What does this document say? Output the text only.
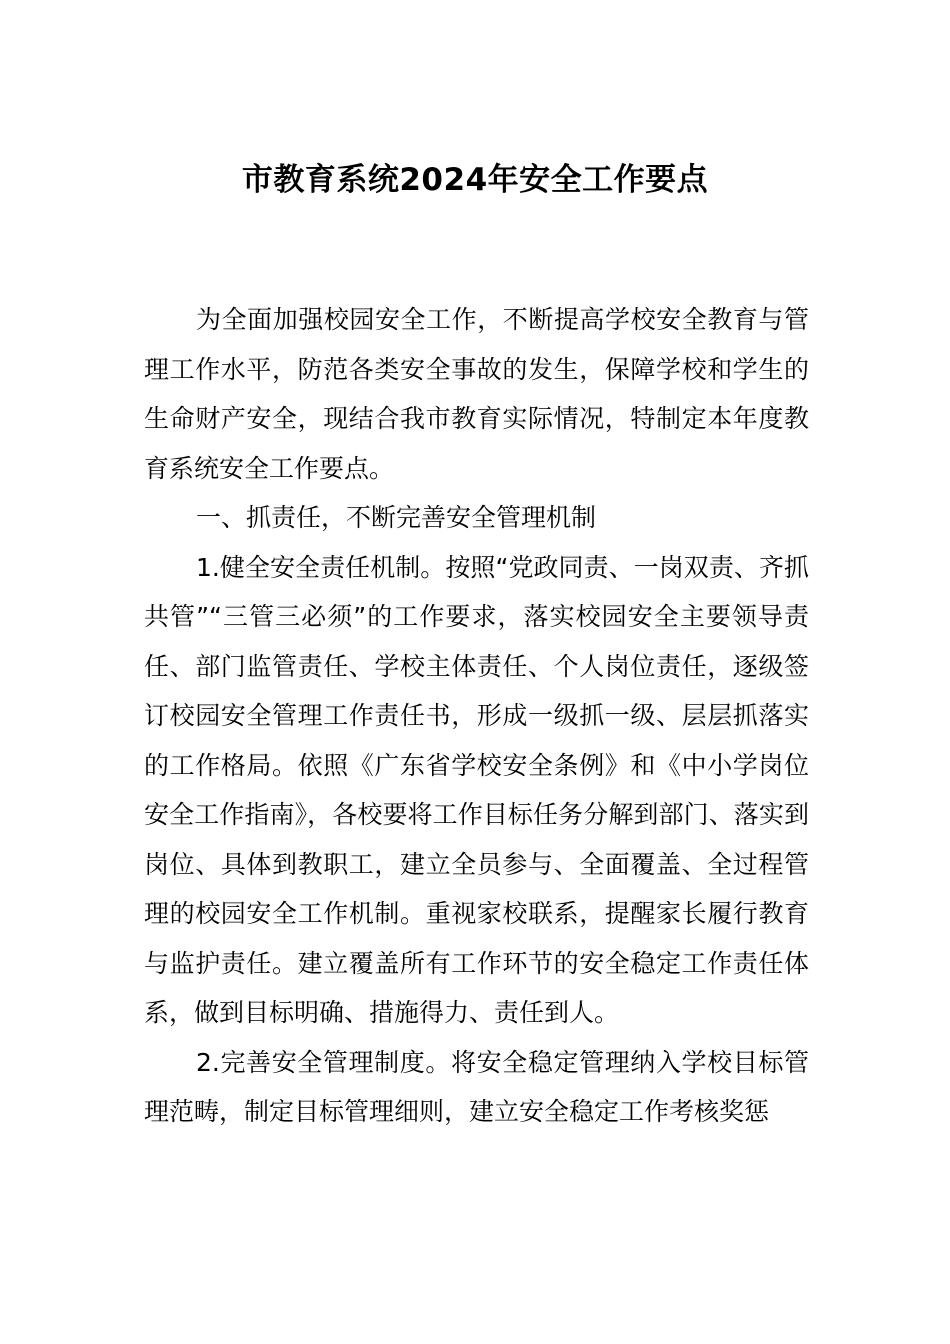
市教育系统2024年安全工作要点

为全面加强校园安全工作，不断提高学校安全教育与管理工作水平，防范各类安全事故的发生，保障学校和学生的生命财产安全，现结合我市教育实际情况，特制定本年度教育系统安全工作要点。

一、抓责任，不断完善安全管理机制

1.健全安全责任机制。按照“党政同责、一岗双责、齐抓共管”“三管三必须”的工作要求，落实校园安全主要领导责任、部门监管责任、学校主体责任、个人岗位责任，逐级签订校园安全管理工作责任书，形成一级抓一级、层层抓落实的工作格局。依照《广东省学校安全条例》和《中小学岗位安全工作指南》，各校要将工作目标任务分解到部门、落实到岗位、具体到教职工，建立全员参与、全面覆盖、全过程管理的校园安全工作机制。重视家校联系，提醒家长履行教育与监护责任。建立覆盖所有工作环节的安全稳定工作责任体系，做到目标明确、措施得力、责任到人。

2.完善安全管理制度。将安全稳定管理纳入学校目标管理范畴，制定目标管理细则，建立安全稳定工作考核奖惩
